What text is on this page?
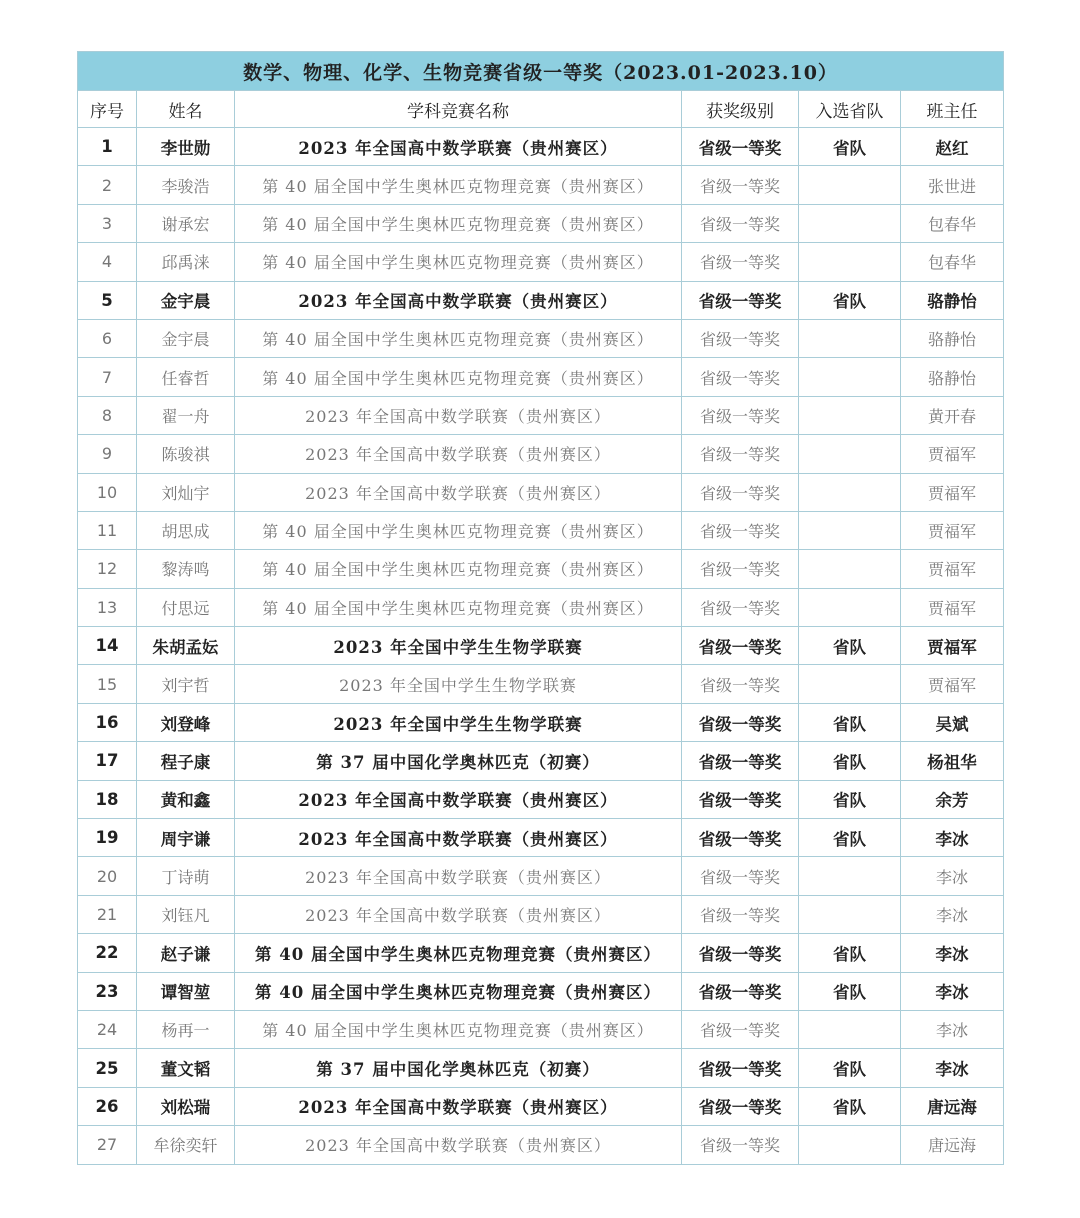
数学、物理、化学、生物竞赛省级一等奖（2023.01-2023.10）					
序号	姓名	学科竞赛名称	获奖级别	入选省队	班主任
1	李世勋	2023 年全国高中数学联赛（贵州赛区）	省级一等奖	省队	赵红
2	李骏浩	第 40 届全国中学生奥林匹克物理竞赛（贵州赛区）	省级一等奖		张世进
3	谢承宏	第 40 届全国中学生奥林匹克物理竞赛（贵州赛区）	省级一等奖		包春华
4	邱禹涞	第 40 届全国中学生奥林匹克物理竞赛（贵州赛区）	省级一等奖		包春华
5	金宇晨	2023 年全国高中数学联赛（贵州赛区）	省级一等奖	省队	骆静怡
6	金宇晨	第 40 届全国中学生奥林匹克物理竞赛（贵州赛区）	省级一等奖		骆静怡
7	任睿哲	第 40 届全国中学生奥林匹克物理竞赛（贵州赛区）	省级一等奖		骆静怡
8	翟一舟	2023 年全国高中数学联赛（贵州赛区）	省级一等奖		黄开春
9	陈骏祺	2023 年全国高中数学联赛（贵州赛区）	省级一等奖		贾福军
10	刘灿宇	2023 年全国高中数学联赛（贵州赛区）	省级一等奖		贾福军
11	胡思成	第 40 届全国中学生奥林匹克物理竞赛（贵州赛区）	省级一等奖		贾福军
12	黎涛鸣	第 40 届全国中学生奥林匹克物理竞赛（贵州赛区）	省级一等奖		贾福军
13	付思远	第 40 届全国中学生奥林匹克物理竞赛（贵州赛区）	省级一等奖		贾福军
14	朱胡孟妘	2023 年全国中学生生物学联赛	省级一等奖	省队	贾福军
15	刘宇哲	2023 年全国中学生生物学联赛	省级一等奖		贾福军
16	刘登峰	2023 年全国中学生生物学联赛	省级一等奖	省队	吴斌
17	程子康	第 37 届中国化学奥林匹克（初赛）	省级一等奖	省队	杨祖华
18	黄和鑫	2023 年全国高中数学联赛（贵州赛区）	省级一等奖	省队	余芳
19	周宇谦	2023 年全国高中数学联赛（贵州赛区）	省级一等奖	省队	李冰
20	丁诗萌	2023 年全国高中数学联赛（贵州赛区）	省级一等奖		李冰
21	刘钰凡	2023 年全国高中数学联赛（贵州赛区）	省级一等奖		李冰
22	赵子谦	第 40 届全国中学生奥林匹克物理竞赛（贵州赛区）	省级一等奖	省队	李冰
23	谭智堃	第 40 届全国中学生奥林匹克物理竞赛（贵州赛区）	省级一等奖	省队	李冰
24	杨再一	第 40 届全国中学生奥林匹克物理竞赛（贵州赛区）	省级一等奖		李冰
25	董文韬	第 37 届中国化学奥林匹克（初赛）	省级一等奖	省队	李冰
26	刘松瑞	2023 年全国高中数学联赛（贵州赛区）	省级一等奖	省队	唐远海
27	牟徐奕轩	2023 年全国高中数学联赛（贵州赛区）	省级一等奖		唐远海
